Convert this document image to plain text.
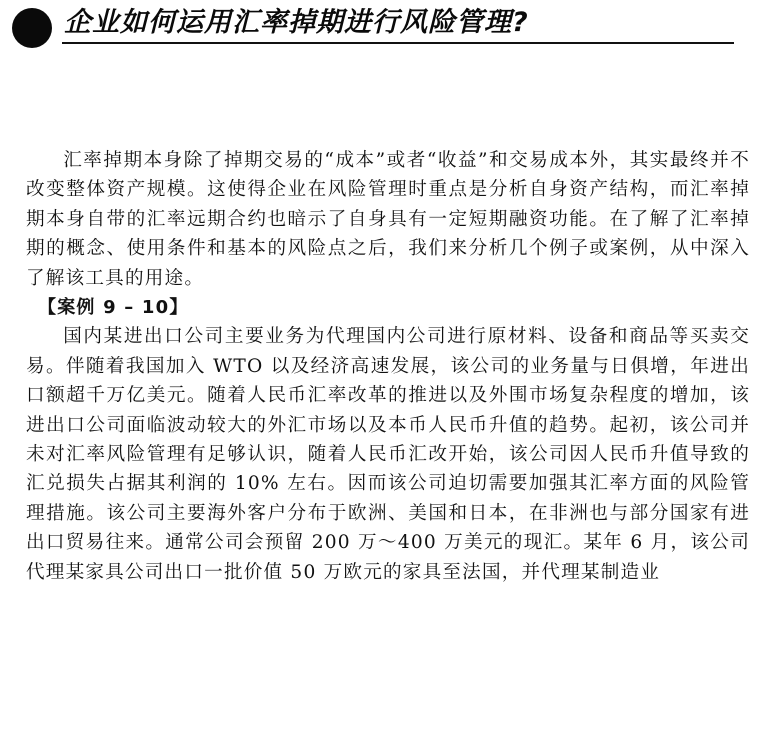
企业如何运用汇率掉期进行风险管理?

汇率掉期本身除了掉期交易的“成本”或者“收益”和交易成本外，其实最终并不改变整体资产规模。这使得企业在风险管理时重点是分析自身资产结构，而汇率掉期本身自带的汇率远期合约也暗示了自身具有一定短期融资功能。在了解了汇率掉期的概念、使用条件和基本的风险点之后，我们来分析几个例子或案例，从中深入了解该工具的用途。

【案例 9 – 10】

国内某进出口公司主要业务为代理国内公司进行原材料、设备和商品等买卖交易。伴随着我国加入 WTO 以及经济高速发展，该公司的业务量与日俱增，年进出口额超千万亿美元。随着人民币汇率改革的推进以及外围市场复杂程度的增加，该进出口公司面临波动较大的外汇市场以及本币人民币升值的趋势。起初，该公司并未对汇率风险管理有足够认识，随着人民币汇改开始，该公司因人民币升值导致的汇兑损失占据其利润的 10% 左右。因而该公司迫切需要加强其汇率方面的风险管理措施。该公司主要海外客户分布于欧洲、美国和日本，在非洲也与部分国家有进出口贸易往来。通常公司会预留 200 万～400 万美元的现汇。某年 6 月，该公司代理某家具公司出口一批价值 50 万欧元的家具至法国，并代理某制造业
